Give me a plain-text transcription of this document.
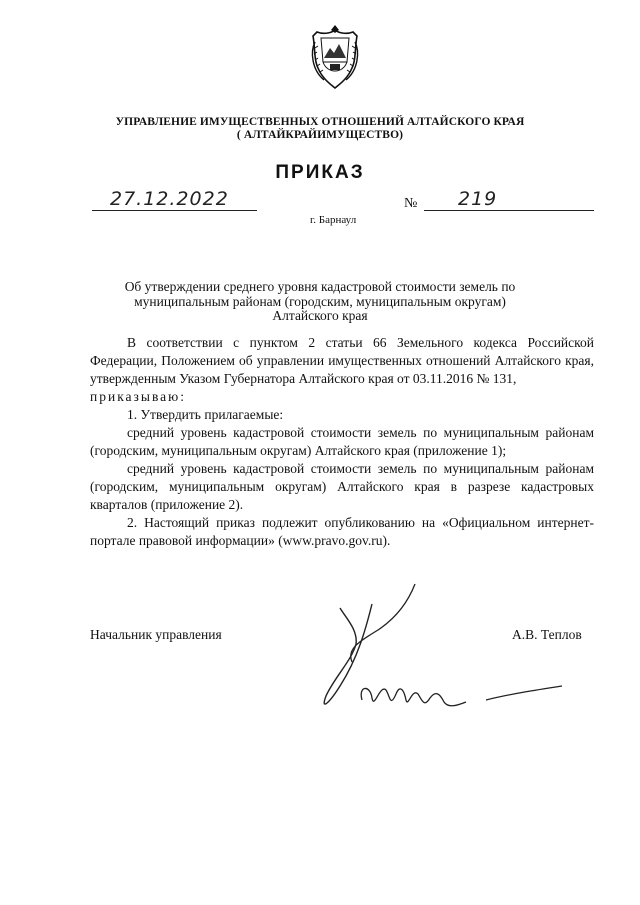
УПРАВЛЕНИЕ ИМУЩЕСТВЕННЫХ ОТНОШЕНИЙ АЛТАЙСКОГО КРАЯ
( АЛТАЙКРАЙИМУЩЕСТВО)
ПРИКАЗ
27.12.2022	№ 219
г. Барнаул
Об утверждении среднего уровня кадастровой стоимости земель по
муниципальным районам (городским, муниципальным округам)
Алтайского края

В соответствии с пунктом 2 статьи 66 Земельного кодекса Российской Федерации, Положением об управлении имущественных отношений Алтайского края, утвержденным Указом Губернатора Алтайского края от 03.11.2016 № 131,

приказываю:

1. Утвердить прилагаемые:

средний уровень кадастровой стоимости земель по муниципальным районам (городским, муниципальным округам) Алтайского края (приложение 1);

средний уровень кадастровой стоимости земель по муниципальным районам (городским, муниципальным округам) Алтайского края в разрезе кадастровых кварталов (приложение 2).

2. Настоящий приказ подлежит опубликованию на «Официальном интернет-портале правовой информации» (www.pravo.gov.ru).

Начальник управления	А.В. Теплов
